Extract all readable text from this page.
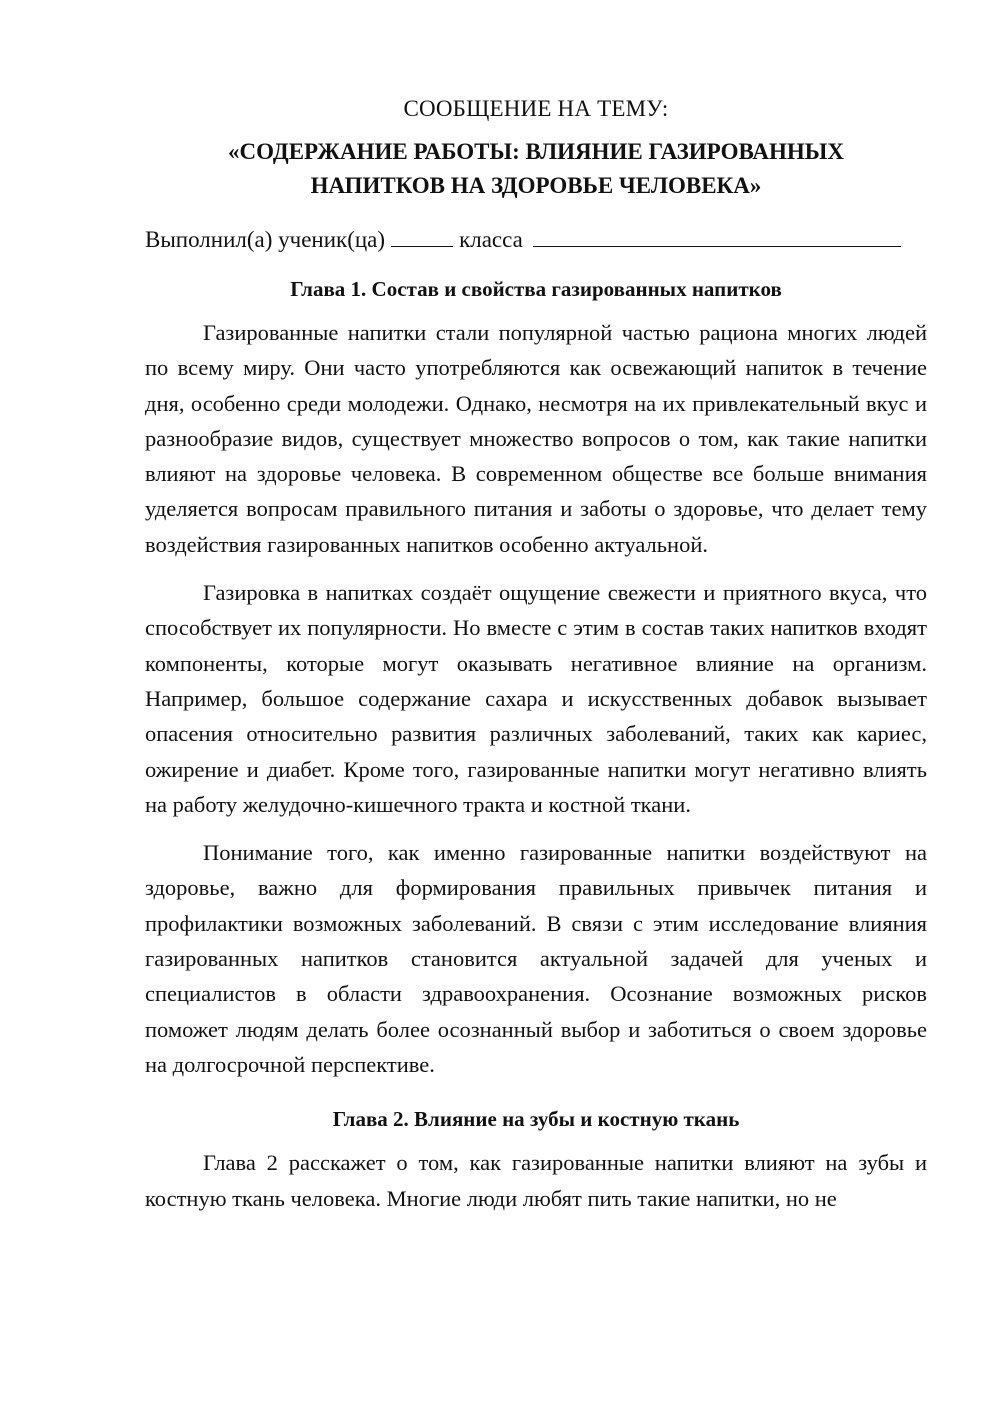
СООБЩЕНИЕ НА ТЕМУ:
«СОДЕРЖАНИЕ РАБОТЫ: ВЛИЯНИЕ ГАЗИРОВАННЫХ
НАПИТКОВ НА ЗДОРОВЬЕ ЧЕЛОВЕКА»
Выполнил(а) ученик(ца)	класса
Глава 1. Состав и свойства газированных напитков

Газированные напитки стали популярной частью рациона многих людей по всему миру. Они часто употребляются как освежающий напиток в течение дня, особенно среди молодежи. Однако, несмотря на их привлекательный вкус и разнообразие видов, существует множество вопросов о том, как такие напитки влияют на здоровье человека. В современном обществе все больше внимания уделяется вопросам правильного питания и заботы о здоровье, что делает тему воздействия газированных напитков особенно актуальной.

Газировка в напитках создаёт ощущение свежести и приятного вкуса, что способствует их популярности. Но вместе с этим в состав таких напитков входят компоненты, которые могут оказывать негативное влияние на организм. Например, большое содержание сахара и искусственных добавок вызывает опасения относительно развития различных заболеваний, таких как кариес, ожирение и диабет. Кроме того, газированные напитки могут негативно влиять на работу желудочно-кишечного тракта и костной ткани.

Понимание того, как именно газированные напитки воздействуют на здоровье, важно для формирования правильных привычек питания и профилактики возможных заболеваний. В связи с этим исследование влияния газированных напитков становится актуальной задачей для ученых и специалистов в области здравоохранения. Осознание возможных рисков поможет людям делать более осознанный выбор и заботиться о своем здоровье на долгосрочной перспективе.

Глава 2. Влияние на зубы и костную ткань

Глава 2 расскажет о том, как газированные напитки влияют на зубы и костную ткань человека. Многие люди любят пить такие напитки, но не
